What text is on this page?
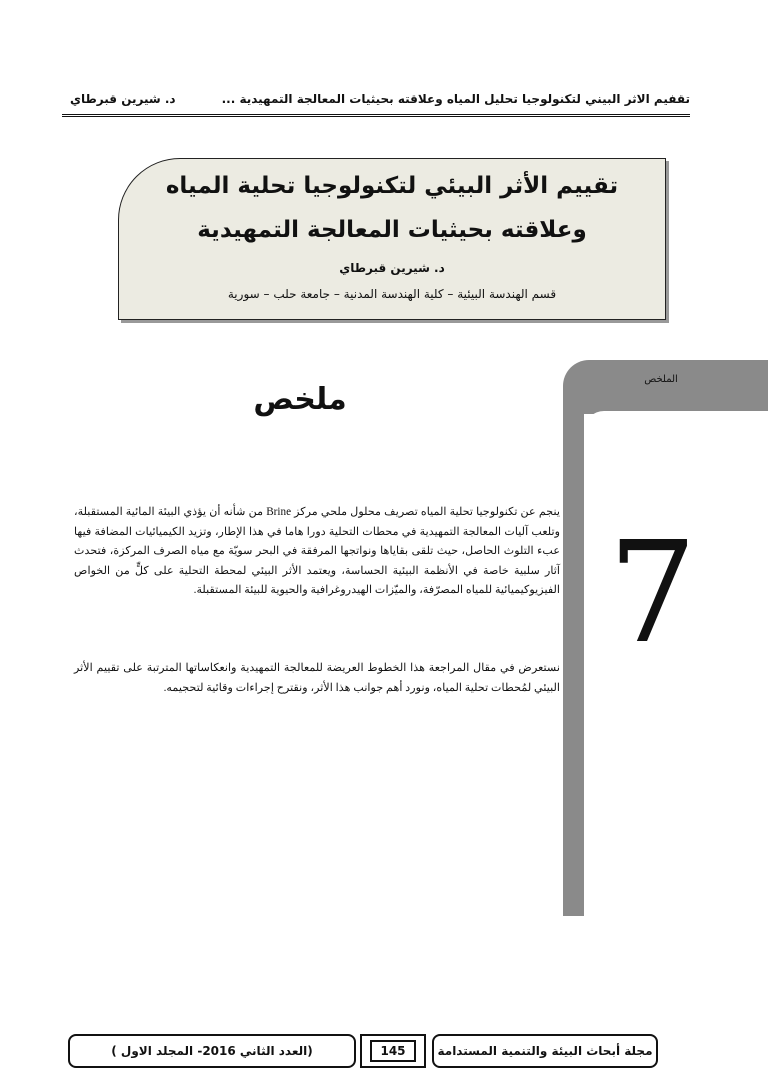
تقفيم الاثر البيني لتكنولوجيا تحليل المياه وعلاقته بحيثيات المعالجة التمهيدية ...
د. شيرين قبرطاي
تقييم الأثر البيئي لتكنولوجيا تحلية المياه
وعلاقته بحيثيات المعالجة التمهيدية
د. شيرين قبرطاي
قسم الهندسة البيئية – كلية الهندسة المدنية – جامعة حلب – سورية
الملخص
7
ملخص

ينجم عن تكنولوجيا تحلية المياه تصريف محلول ملحي مركز Brine من شأنه أن يؤذي البيئة المائية المستقبلة، وتلعب آليات المعالجة التمهيدية في محطات التحلية دورا هاما في هذا الإطار، وتزيد الكيميائيات المضافة فيها عبء التلوث الحاصل، حيث تلقى بقاياها ونواتجها المرفقة في البحر سويّة مع مياه الصرف المركزة، فتحدث آثار سلبية خاصة في الأنظمة البيئية الحساسة، ويعتمد الأثر البيئي لمحطة التحلية على كلٍّ من الخواص الفيزيوكيميائية للمياه المصرّفة، والميّزات الهيدروغرافية والحيوية للبيئة المستقبلة.

نستعرض في مقال المراجعة هذا الخطوط العريضة للمعالجة التمهيدية وانعكاساتها المترتبة على تقييم الأثر البيئي لمُحطات تحلية المياه، ونورد أهم جوانب هذا الأثر، ونقترح إجراءات وقائية لتحجيمه.

(العدد الثاني 2016- المجلد الاول )	145	مجلة أبحاث البيئة والتنمية المستدامة
